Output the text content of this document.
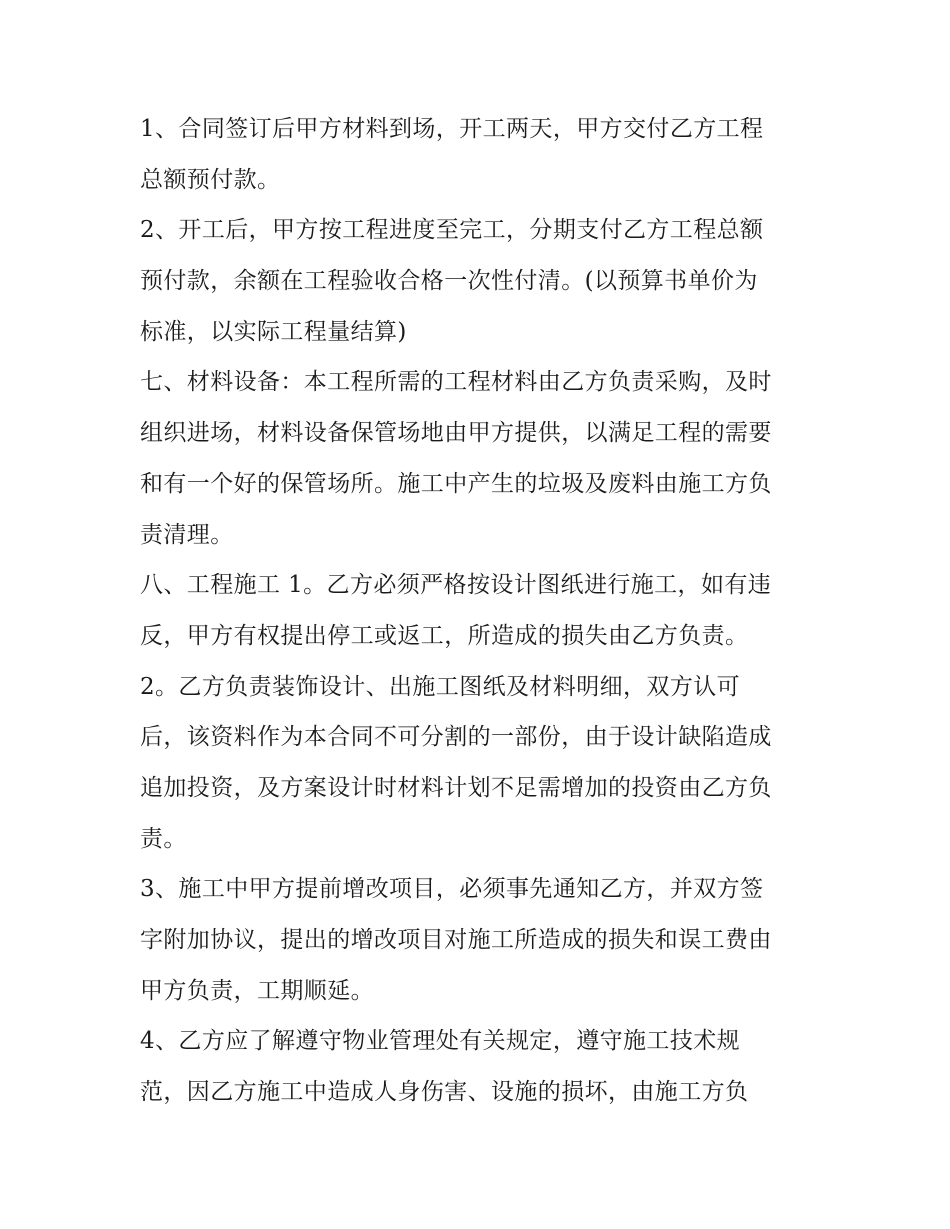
1、合同签订后甲方材料到场，开工两天，甲方交付乙方工程
总额预付款。
2、开工后，甲方按工程进度至完工，分期支付乙方工程总额
预付款，余额在工程验收合格一次性付清。(以预算书单价为
标准，以实际工程量结算)
七、材料设备：本工程所需的工程材料由乙方负责采购，及时
组织进场，材料设备保管场地由甲方提供，以满足工程的需要
和有一个好的保管场所。施工中产生的垃圾及废料由施工方负
责清理。
八、工程施工 1。乙方必须严格按设计图纸进行施工，如有违
反，甲方有权提出停工或返工，所造成的损失由乙方负责。
2。乙方负责装饰设计、出施工图纸及材料明细，双方认可
后，该资料作为本合同不可分割的一部份，由于设计缺陷造成
追加投资，及方案设计时材料计划不足需增加的投资由乙方负
责。
3、施工中甲方提前增改项目，必须事先通知乙方，并双方签
字附加协议，提出的增改项目对施工所造成的损失和误工费由
甲方负责，工期顺延。
4、乙方应了解遵守物业管理处有关规定，遵守施工技术规
范，因乙方施工中造成人身伤害、设施的损坏，由施工方负
